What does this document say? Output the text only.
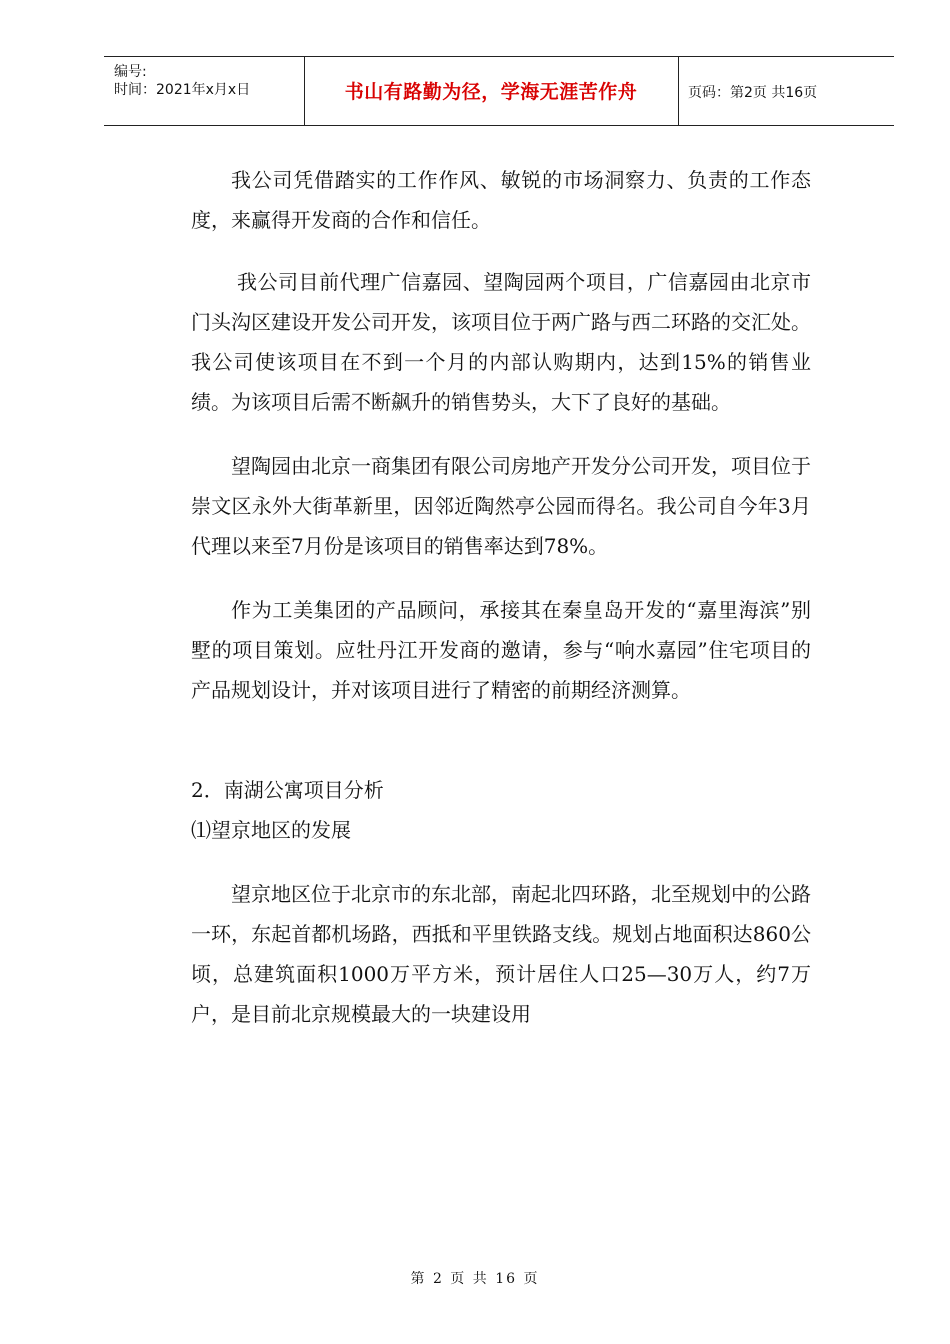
编号:
时间：2021年x月x日	书山有路勤为径，学海无涯苦作舟	页码：第2页 共16页

我公司凭借踏实的工作作风、敏锐的市场洞察力、负责的工作态度，来赢得开发商的合作和信任。

我公司目前代理广信嘉园、望陶园两个项目，广信嘉园由北京市门头沟区建设开发公司开发，该项目位于两广路与西二环路的交汇处。我公司使该项目在不到一个月的内部认购期内，达到15%的销售业绩。为该项目后需不断飙升的销售势头，大下了良好的基础。

望陶园由北京一商集团有限公司房地产开发分公司开发，项目位于崇文区永外大街革新里，因邻近陶然亭公园而得名。我公司自今年3月代理以来至7月份是该项目的销售率达到78%。

作为工美集团的产品顾问，承接其在秦皇岛开发的“嘉里海滨”别墅的项目策划。应牡丹江开发商的邀请，参与“响水嘉园”住宅项目的产品规划设计，并对该项目进行了精密的前期经济测算。

2．南湖公寓项目分析

⑴望京地区的发展

望京地区位于北京市的东北部，南起北四环路，北至规划中的公路一环，东起首都机场路，西抵和平里铁路支线。规划占地面积达860公顷，总建筑面积1000万平方米，预计居住人口25—30万人，约7万户，是目前北京规模最大的一块建设用

第 2 页 共 16 页
